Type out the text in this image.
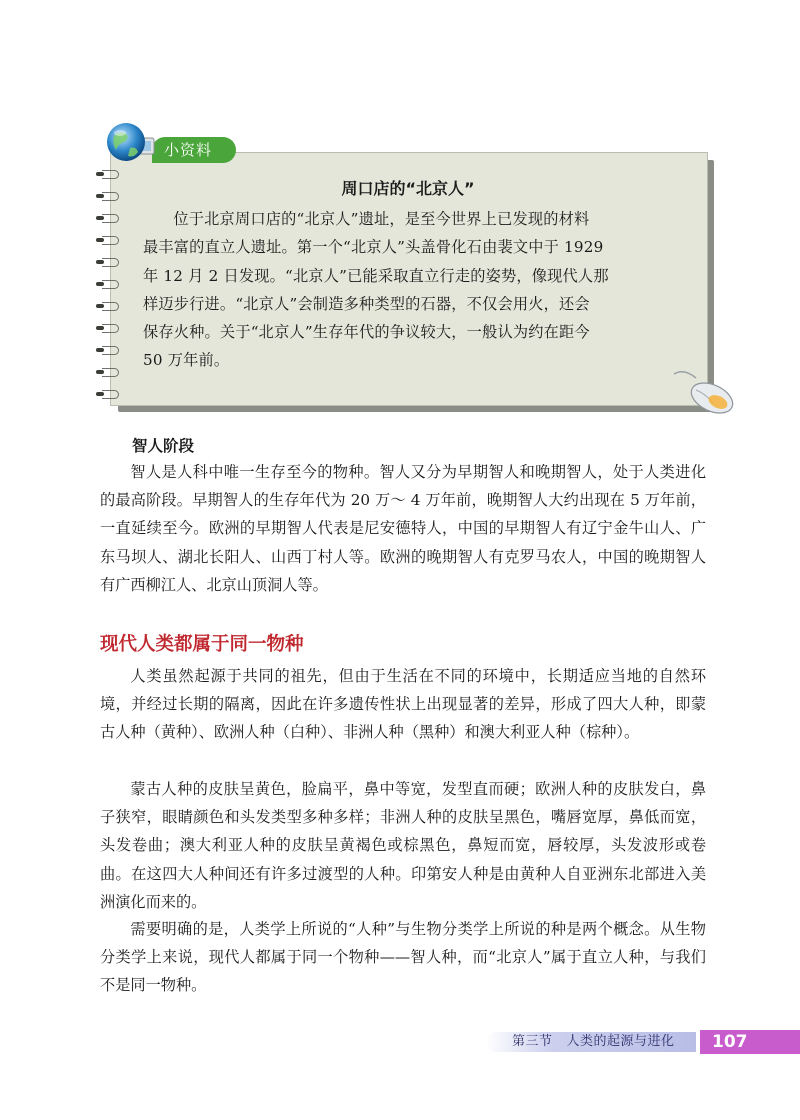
小资料
周口店的“北京人”
位于北京周口店的“北京人”遗址，是至今世界上已发现的材料
最丰富的直立人遗址。第一个“北京人”头盖骨化石由裴文中于 1929
年 12 月 2 日发现。“北京人”已能采取直立行走的姿势，像现代人那
样迈步行进。“北京人”会制造多种类型的石器，不仅会用火，还会
保存火种。关于“北京人”生存年代的争议较大，一般认为约在距今
50 万年前。
智人阶段

智人是人科中唯一生存至今的物种。智人又分为早期智人和晚期智人，处于人类进化的最高阶段。早期智人的生存年代为 20 万～ 4 万年前，晚期智人大约出现在 5 万年前，一直延续至今。欧洲的早期智人代表是尼安德特人，中国的早期智人有辽宁金牛山人、广东马坝人、湖北长阳人、山西丁村人等。欧洲的晚期智人有克罗马农人，中国的晚期智人有广西柳江人、北京山顶洞人等。

现代人类都属于同一物种

人类虽然起源于共同的祖先，但由于生活在不同的环境中，长期适应当地的自然环境，并经过长期的隔离，因此在许多遗传性状上出现显著的差异，形成了四大人种，即蒙古人种（黄种）、欧洲人种（白种）、非洲人种（黑种）和澳大利亚人种（棕种）。

蒙古人种的皮肤呈黄色，脸扁平，鼻中等宽，发型直而硬；欧洲人种的皮肤发白，鼻子狭窄，眼睛颜色和头发类型多种多样；非洲人种的皮肤呈黑色，嘴唇宽厚，鼻低而宽，头发卷曲；澳大利亚人种的皮肤呈黄褐色或棕黑色，鼻短而宽，唇较厚，头发波形或卷曲。在这四大人种间还有许多过渡型的人种。印第安人种是由黄种人自亚洲东北部进入美洲演化而来的。

需要明确的是，人类学上所说的“人种”与生物分类学上所说的种是两个概念。从生物分类学上来说，现代人都属于同一个物种——智人种，而“北京人”属于直立人种，与我们不是同一物种。

第三节 人类的起源与进化	107
